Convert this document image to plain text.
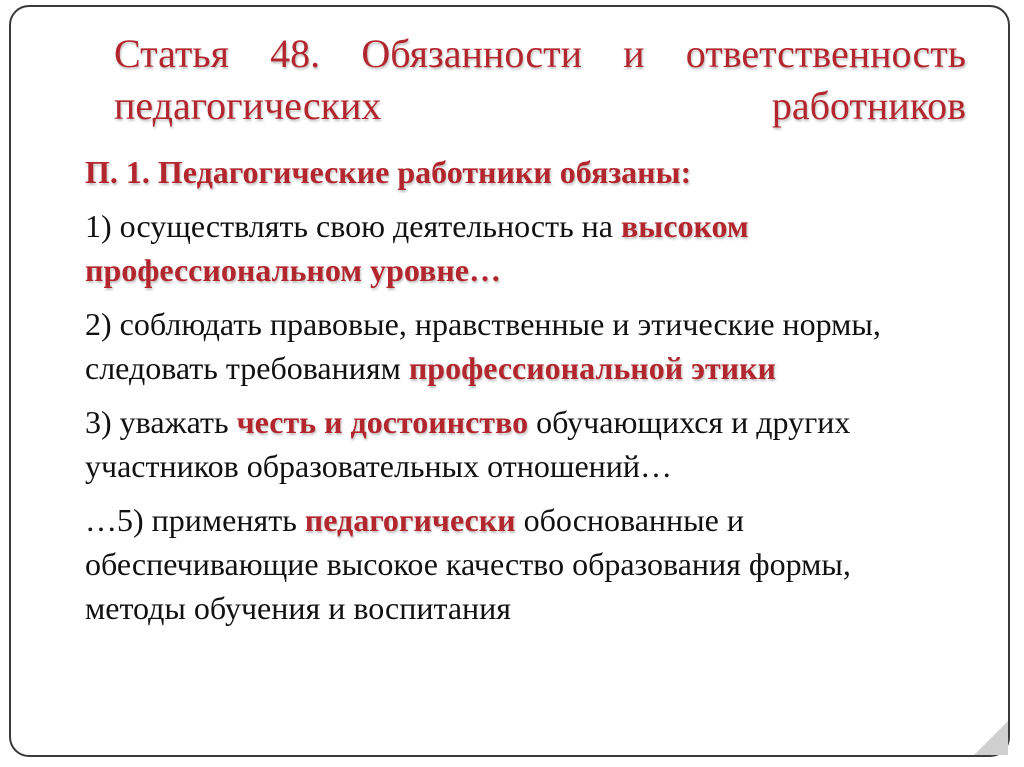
Статья 48. Обязанности и ответственность
педагогических работников
П. 1. Педагогические работники обязаны:
1) осуществлять свою деятельность на высоком профессиональном уровне…
2) соблюдать правовые, нравственные и этические нормы, следовать требованиям профессиональной этики
3) уважать честь и достоинство обучающихся и других участников образовательных отношений…
…5) применять педагогически обоснованные и обеспечивающие высокое качество образования формы, методы обучения и воспитания
